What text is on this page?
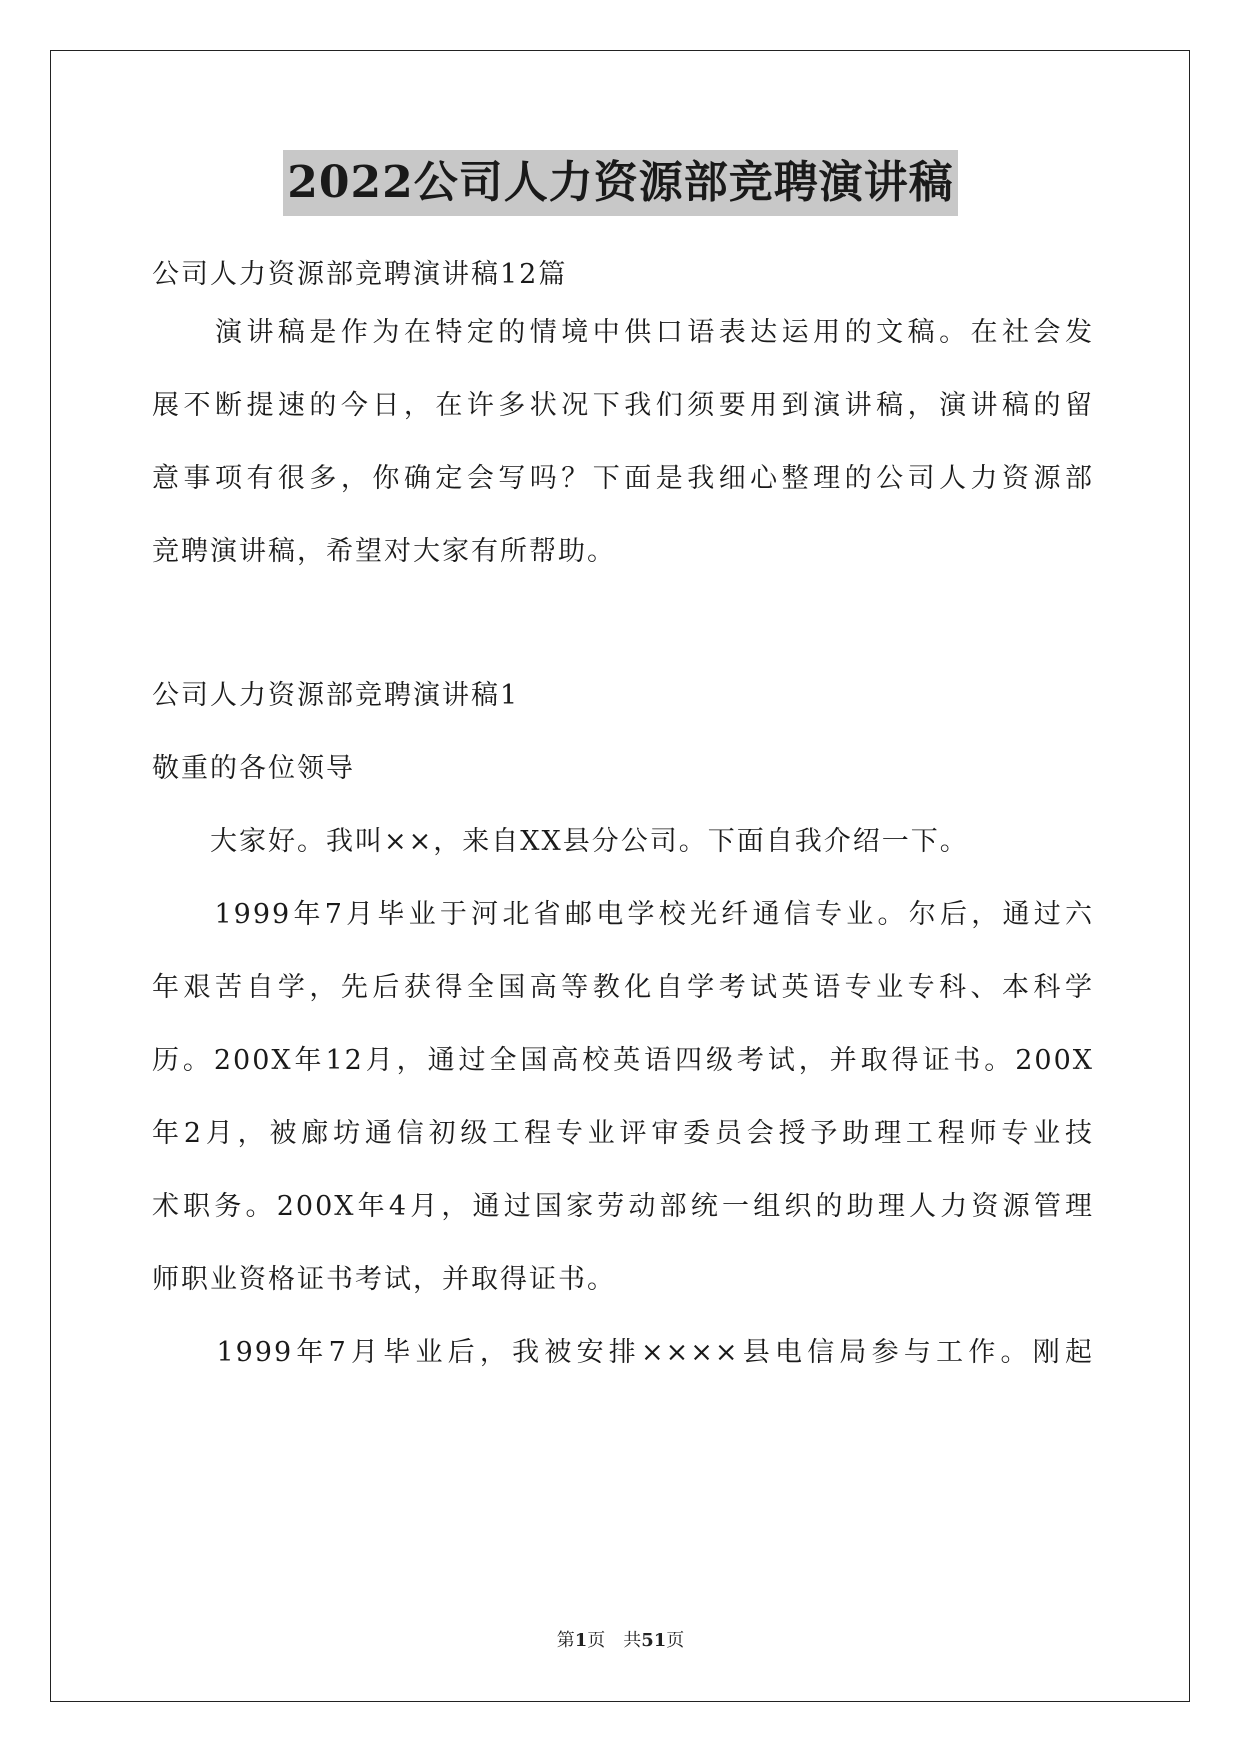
2022公司人力资源部竞聘演讲稿
公司人力资源部竞聘演讲稿12篇
　　演讲稿是作为在特定的情境中供口语表达运用的文稿。在社会发
展不断提速的今日，在许多状况下我们须要用到演讲稿，演讲稿的留
意事项有很多，你确定会写吗？下面是我细心整理的公司人力资源部
竞聘演讲稿，希望对大家有所帮助。
公司人力资源部竞聘演讲稿1
敬重的各位领导
　　大家好。我叫××，来自XX县分公司。下面自我介绍一下。
　　1999年7月毕业于河北省邮电学校光纤通信专业。尔后，通过六
年艰苦自学，先后获得全国高等教化自学考试英语专业专科、本科学
历。200X年12月，通过全国高校英语四级考试，并取得证书。200X
年2月，被廊坊通信初级工程专业评审委员会授予助理工程师专业技
术职务。200X年4月，通过国家劳动部统一组织的助理人力资源管理
师职业资格证书考试，并取得证书。
　　1999年7月毕业后，我被安排××××县电信局参与工作。刚起
第1页　共51页
